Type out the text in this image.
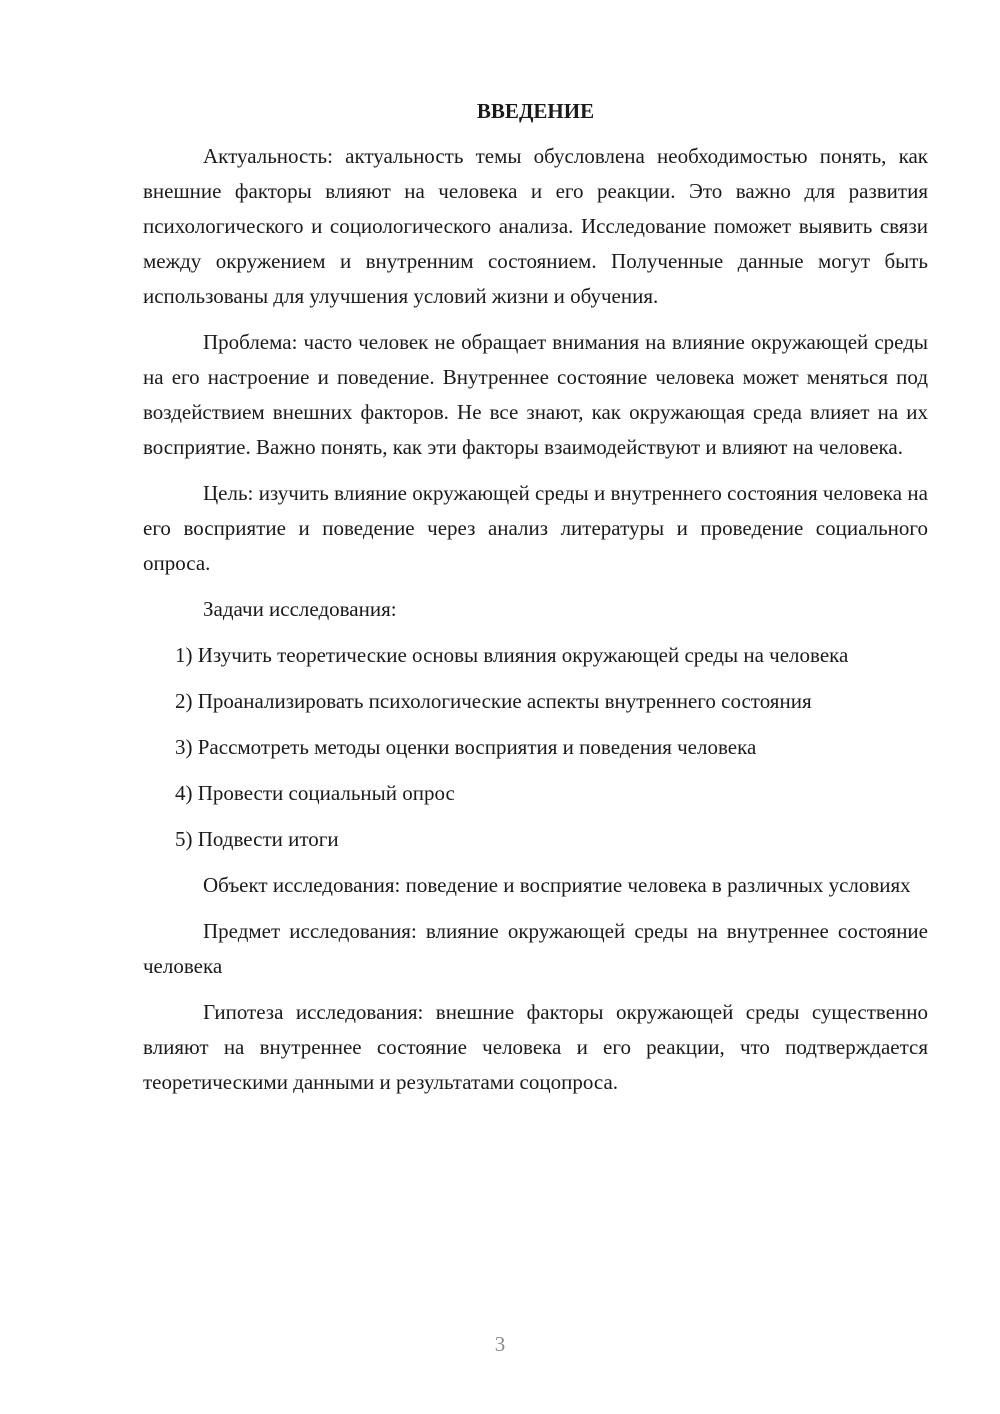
ВВЕДЕНИЕ

Актуальность: актуальность темы обусловлена необходимостью понять, как внешние факторы влияют на человека и его реакции. Это важно для развития психологического и социологического анализа. Исследование поможет выявить связи между окружением и внутренним состоянием. Полученные данные могут быть использованы для улучшения условий жизни и обучения.

Проблема: часто человек не обращает внимания на влияние окружающей среды на его настроение и поведение. Внутреннее состояние человека может меняться под воздействием внешних факторов. Не все знают, как окружающая среда влияет на их восприятие. Важно понять, как эти факторы взаимодействуют и влияют на человека.

Цель: изучить влияние окружающей среды и внутреннего состояния человека на его восприятие и поведение через анализ литературы и проведение социального опроса.

Задачи исследования:

1) Изучить теоретические основы влияния окружающей среды на человека

2) Проанализировать психологические аспекты внутреннего состояния

3) Рассмотреть методы оценки восприятия и поведения человека

4) Провести социальный опрос

5) Подвести итоги

Объект исследования: поведение и восприятие человека в различных условиях

Предмет исследования: влияние окружающей среды на внутреннее состояние человека

Гипотеза исследования: внешние факторы окружающей среды существенно влияют на внутреннее состояние человека и его реакции, что подтверждается теоретическими данными и результатами соцопроса.

3
